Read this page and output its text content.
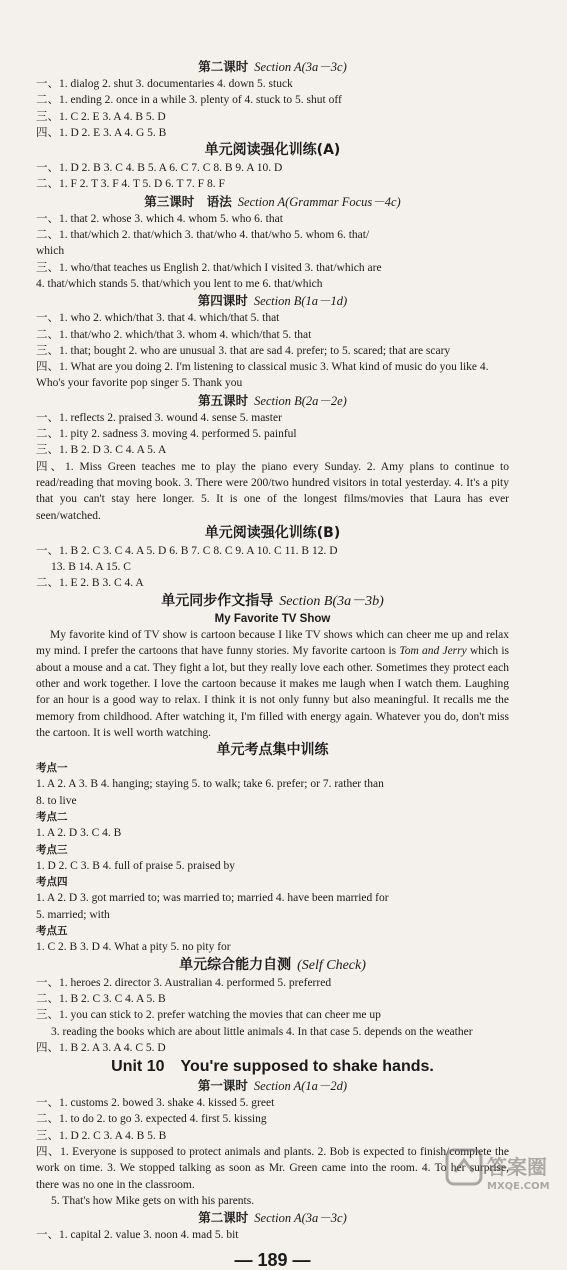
第二课时 Section A(3a－3c)
一、1. dialog 2. shut 3. documentaries 4. down 5. stuck
二、1. ending 2. once in a while 3. plenty of 4. stuck to 5. shut off
三、1. C 2. E 3. A 4. B 5. D
四、1. D 2. E 3. A 4. G 5. B
单元阅读强化训练(A)
一、1. D 2. B 3. C 4. B 5. A 6. C 7. C 8. B 9. A 10. D
二、1. F 2. T 3. F 4. T 5. D 6. T 7. F 8. F
第三课时　语法 Section A(Grammar Focus－4c)
一、1. that 2. whose 3. which 4. whom 5. who 6. that
二、1. that/which 2. that/which 3. that/who 4. that/who 5. whom 6. that/
which
三、1. who/that teaches us English 2. that/which I visited 3. that/which are
4. that/which stands 5. that/which you lent to me 6. that/which
第四课时 Section B(1a－1d)
一、1. who 2. which/that 3. that 4. which/that 5. that
二、1. that/who 2. which/that 3. whom 4. which/that 5. that
三、1. that; bought 2. who are unusual 3. that are sad 4. prefer; to 5. scared; that are scary
四、1. What are you doing 2. I'm listening to classical music 3. What kind of music do you like 4. Who's your favorite pop singer 5. Thank you
第五课时 Section B(2a－2e)
一、1. reflects 2. praised 3. wound 4. sense 5. master
二、1. pity 2. sadness 3. moving 4. performed 5. painful
三、1. B 2. D 3. C 4. A 5. A
四、1. Miss Green teaches me to play the piano every Sunday. 2. Amy plans to continue to read/reading that moving book. 3. There were 200/two hundred visitors in total yesterday. 4. It's a pity that you can't stay here longer. 5. It is one of the longest films/movies that Laura has ever seen/watched.
单元阅读强化训练(B)
一、1. B 2. C 3. C 4. A 5. D 6. B 7. C 8. C 9. A 10. C 11. B 12. D
13. B 14. A 15. C
二、1. E 2. B 3. C 4. A
单元同步作文指导 Section B(3a－3b)
My Favorite TV Show
My favorite kind of TV show is cartoon because I like TV shows which can cheer me up and relax my mind. I prefer the cartoons that have funny stories. My favorite cartoon is Tom and Jerry which is about a mouse and a cat. They fight a lot, but they really love each other. Sometimes they protect each other and work together. I love the cartoon because it makes me laugh when I watch them. Laughing for an hour is a good way to relax. I think it is not only funny but also meaningful. It recalls me the memory from childhood. After watching it, I'm filled with energy again. Whatever you do, don't miss the cartoon. It is well worth watching.
单元考点集中训练
考点一
1. A 2. A 3. B 4. hanging; staying 5. to walk; take 6. prefer; or 7. rather than
8. to live
考点二
1. A 2. D 3. C 4. B
考点三
1. D 2. C 3. B 4. full of praise 5. praised by
考点四
1. A 2. D 3. got married to; was married to; married 4. have been married for
5. married; with
考点五
1. C 2. B 3. D 4. What a pity 5. no pity for
单元综合能力自测 (Self Check)
一、1. heroes 2. director 3. Australian 4. performed 5. preferred
二、1. B 2. C 3. C 4. A 5. B
三、1. you can stick to 2. prefer watching the movies that can cheer me up
3. reading the books which are about little animals 4. In that case 5. depends on the weather
四、1. B 2. A 3. A 4. C 5. D
Unit 10　You're supposed to shake hands.
第一课时 Section A(1a－2d)
一、1. customs 2. bowed 3. shake 4. kissed 5. greet
二、1. to do 2. to go 3. expected 4. first 5. kissing
三、1. D 2. C 3. A 4. B 5. B
四、1. Everyone is supposed to protect animals and plants. 2. Bob is expected to finish/complete the work on time. 3. We stopped talking as soon as Mr. Green came into the room. 4. To her surprise, there was no one in the classroom.
5. That's how Mike gets on with his parents.
第二课时 Section A(3a－3c)
一、1. capital 2. value 3. noon 4. mad 5. bit
— 189 —
答案圈
MXQE.COM
